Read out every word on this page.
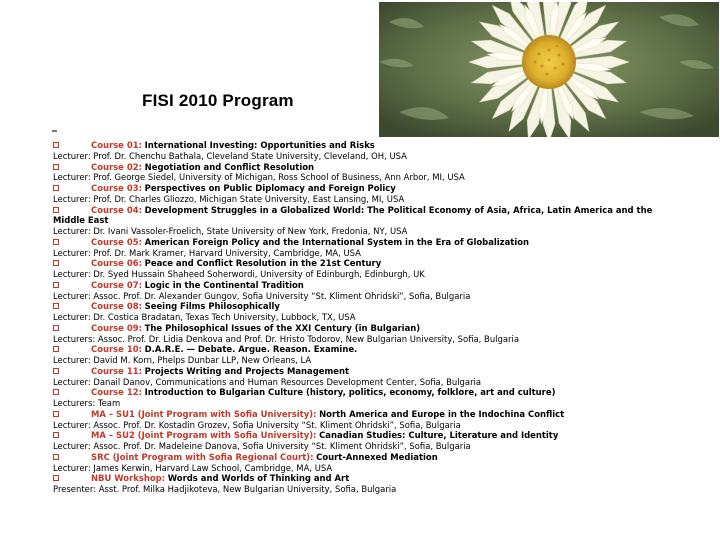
FISI 2010 Program
Course 01: International Investing: Opportunities and Risks
Lecturer: Prof. Dr. Chenchu Bathala, Cleveland State University, Cleveland, OH, USA
Course 02: Negotiation and Conflict Resolution
Lecturer: Prof. George Siedel, University of Michigan, Ross School of Business, Ann Arbor, MI, USA
Course 03: Perspectives on Public Diplomacy and Foreign Policy
Lecturer: Prof. Dr. Charles Gliozzo, Michigan State University, East Lansing, MI, USA
Course 04: Development Struggles in a Globalized World: The Political Economy of Asia, Africa, Latin America and the Middle East
Lecturer: Dr. Ivani Vassoler-Froelich, State University of New York, Fredonia, NY, USA
Course 05: American Foreign Policy and the International System in the Era of Globalization
Lecturer: Prof. Dr. Mark Kramer, Harvard University, Cambridge, MA, USA
Course 06: Peace and Conflict Resolution in the 21st Century
Lecturer: Dr. Syed Hussain Shaheed Soherwordi, University of Edinburgh, Edinburgh, UK
Course 07: Logic in the Continental Tradition
Lecturer: Assoc. Prof. Dr. Alexander Gungov, Sofia University “St. Kliment Ohridski”, Sofia, Bulgaria
Course 08: Seeing Films Philosophically
Lecturer: Dr. Costica Bradatan, Texas Tech University, Lubbock, TX, USA
Course 09: The Philosophical Issues of the XXI Century (in Bulgarian)
Lecturers: Assoc. Prof. Dr. Lidia Denkova and Prof. Dr. Hristo Todorov, New Bulgarian University, Sofia, Bulgaria
Course 10: D.A.R.E. — Debate. Argue. Reason. Examine.
Lecturer: David M. Korn, Phelps Dunbar LLP, New Orleans, LA
Course 11: Projects Writing and Projects Management
Lecturer: Danail Danov, Communications and Human Resources Development Center, Sofia, Bulgaria
Course 12: Introduction to Bulgarian Culture (history, politics, economy, folklore, art and culture)
Lecturers: Team
MA – SU1 (Joint Program with Sofia University): North America and Europe in the Indochina Conflict
Lecturer: Assoc. Prof. Dr. Kostadin Grozev, Sofia University “St. Kliment Ohridski”, Sofia, Bulgaria
MA – SU2 (Joint Program with Sofia University): Canadian Studies: Culture, Literature and Identity
Lecturer: Assoc. Prof. Dr. Madeleine Danova, Sofia University “St. Kliment Ohridski”, Sofia, Bulgaria
SRC (Joint Program with Sofia Regional Court): Court-Annexed Mediation
Lecturer: James Kerwin, Harvard Law School, Cambridge, MA, USA
NBU Workshop: Words and Worlds of Thinking and Art
Presenter: Asst. Prof. Milka Hadjikoteva, New Bulgarian University, Sofia, Bulgaria
